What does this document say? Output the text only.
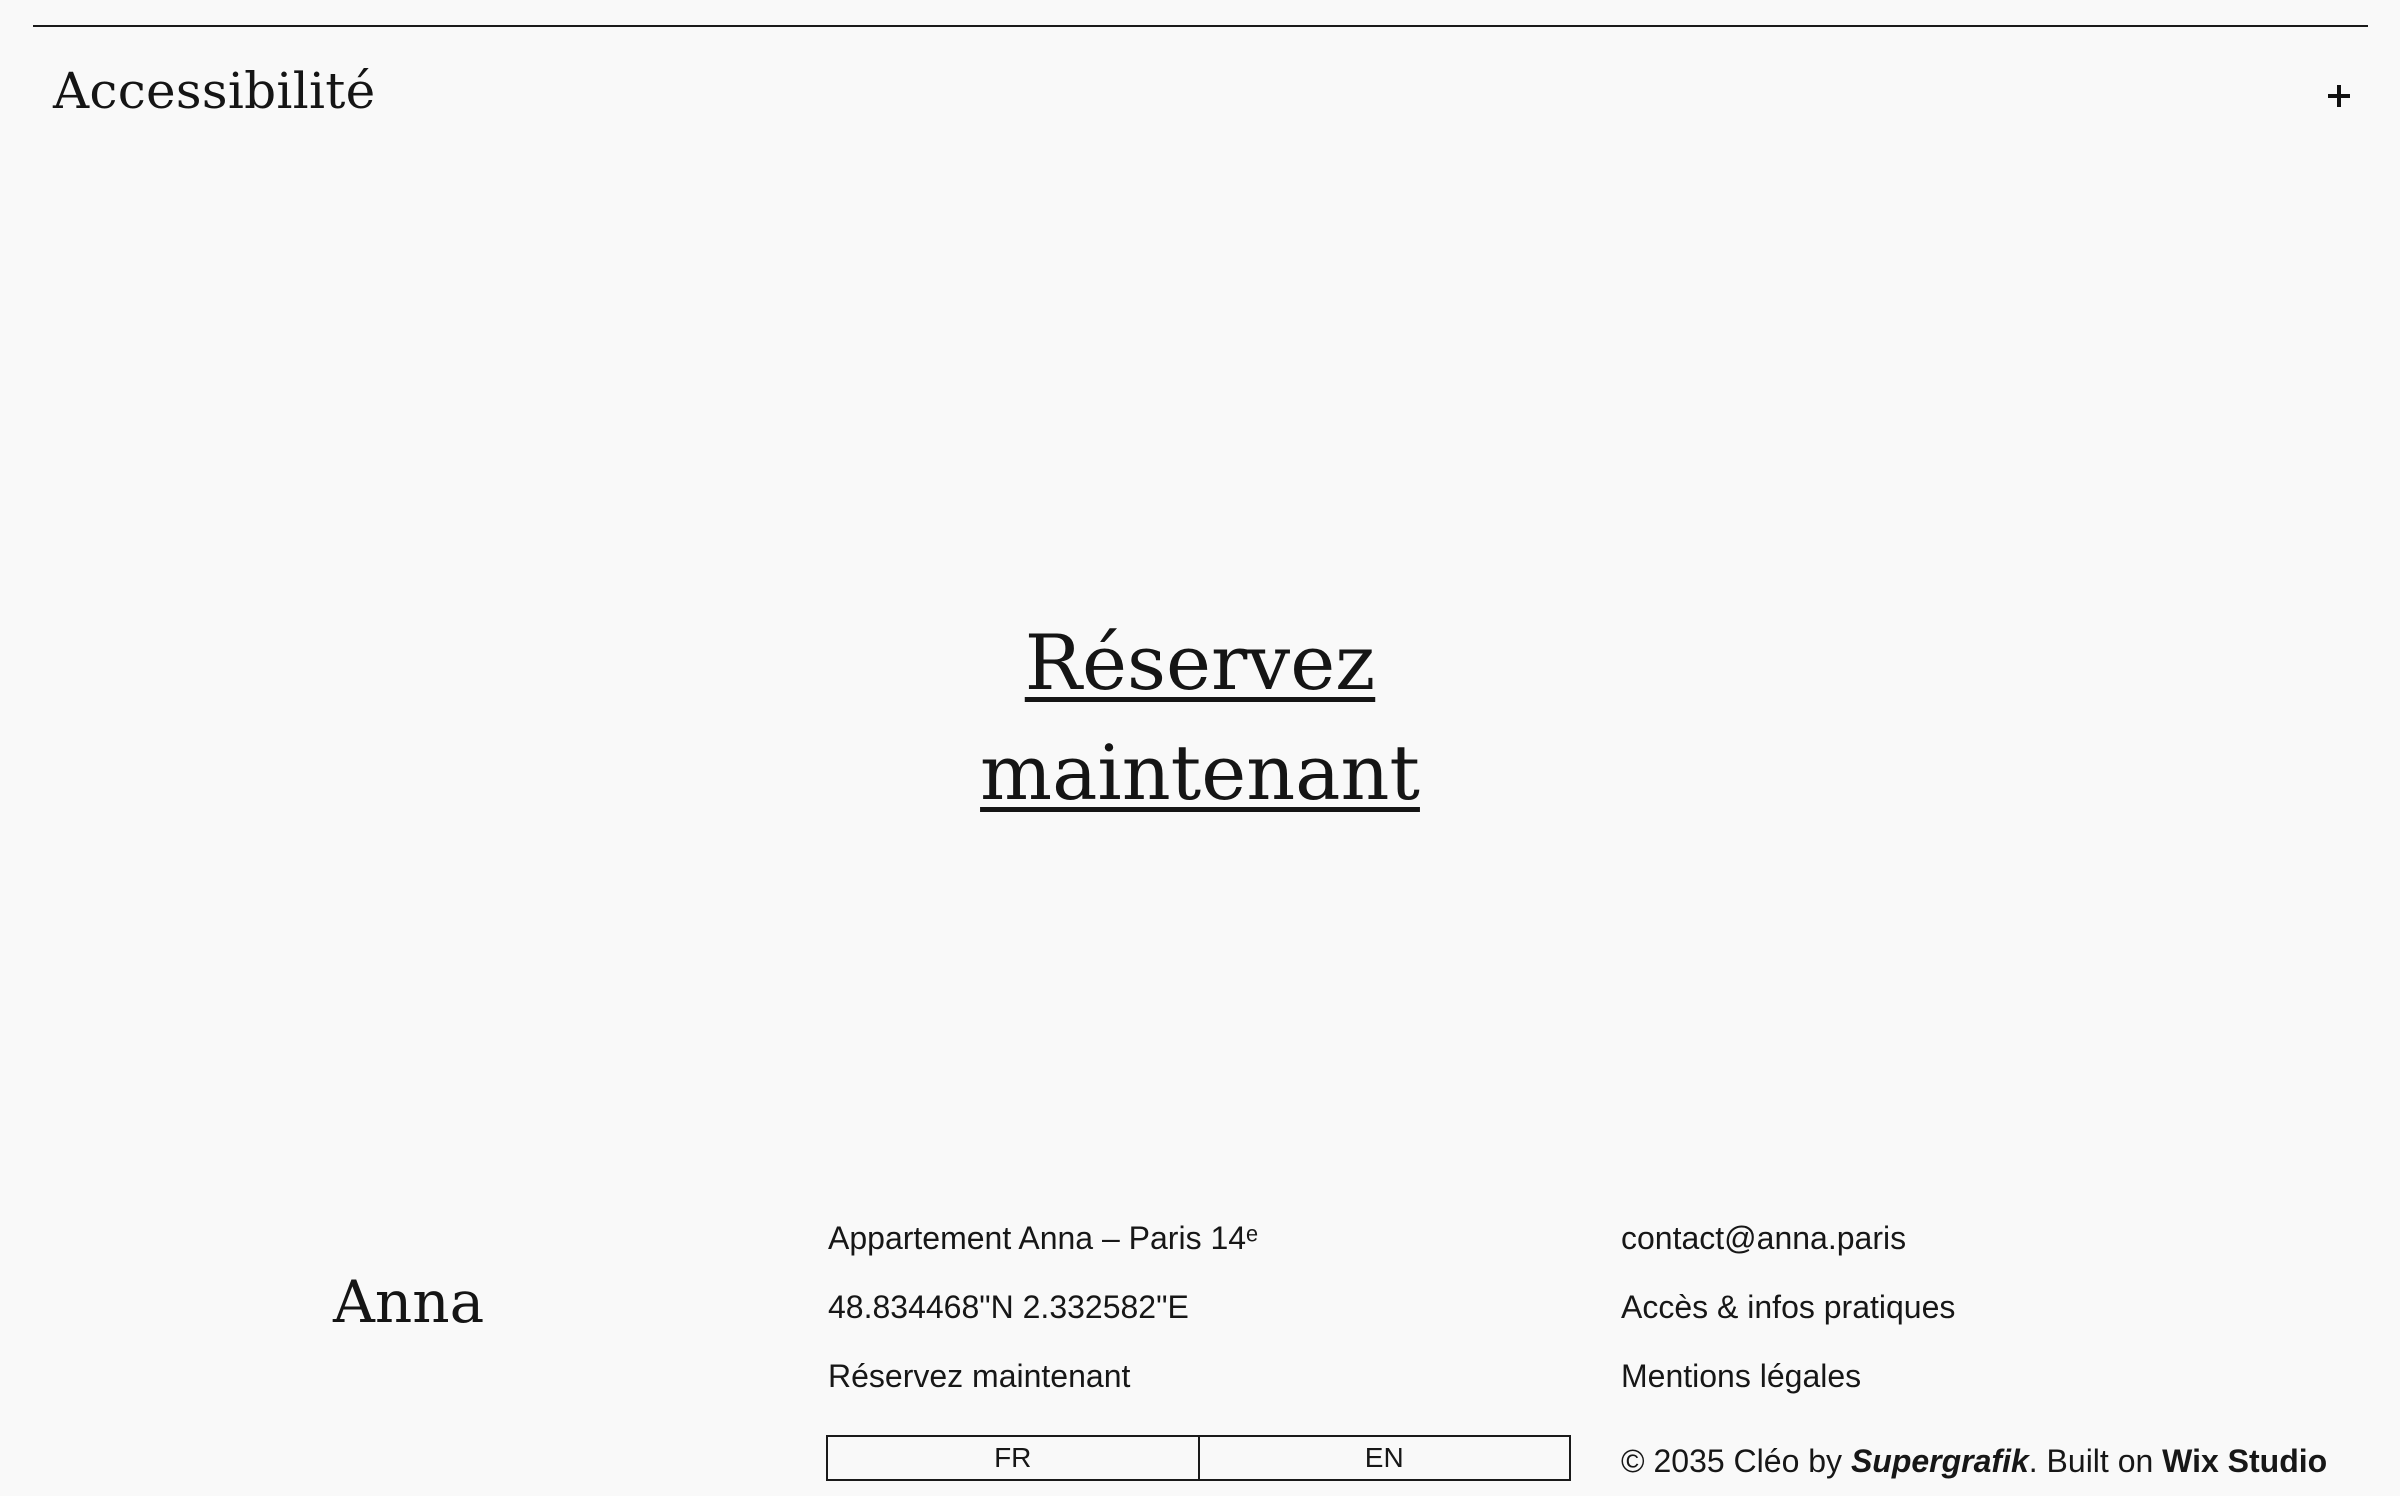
Accessibilité
Réservez
maintenant
Anna
Appartement Anna – Paris 14ᵉ
48.834468"N 2.332582"E
Réservez maintenant
contact@anna.paris
Accès & infos pratiques
Mentions légales
FR	EN	© 2035 Cléo by Supergrafik. Built on Wix Studio
